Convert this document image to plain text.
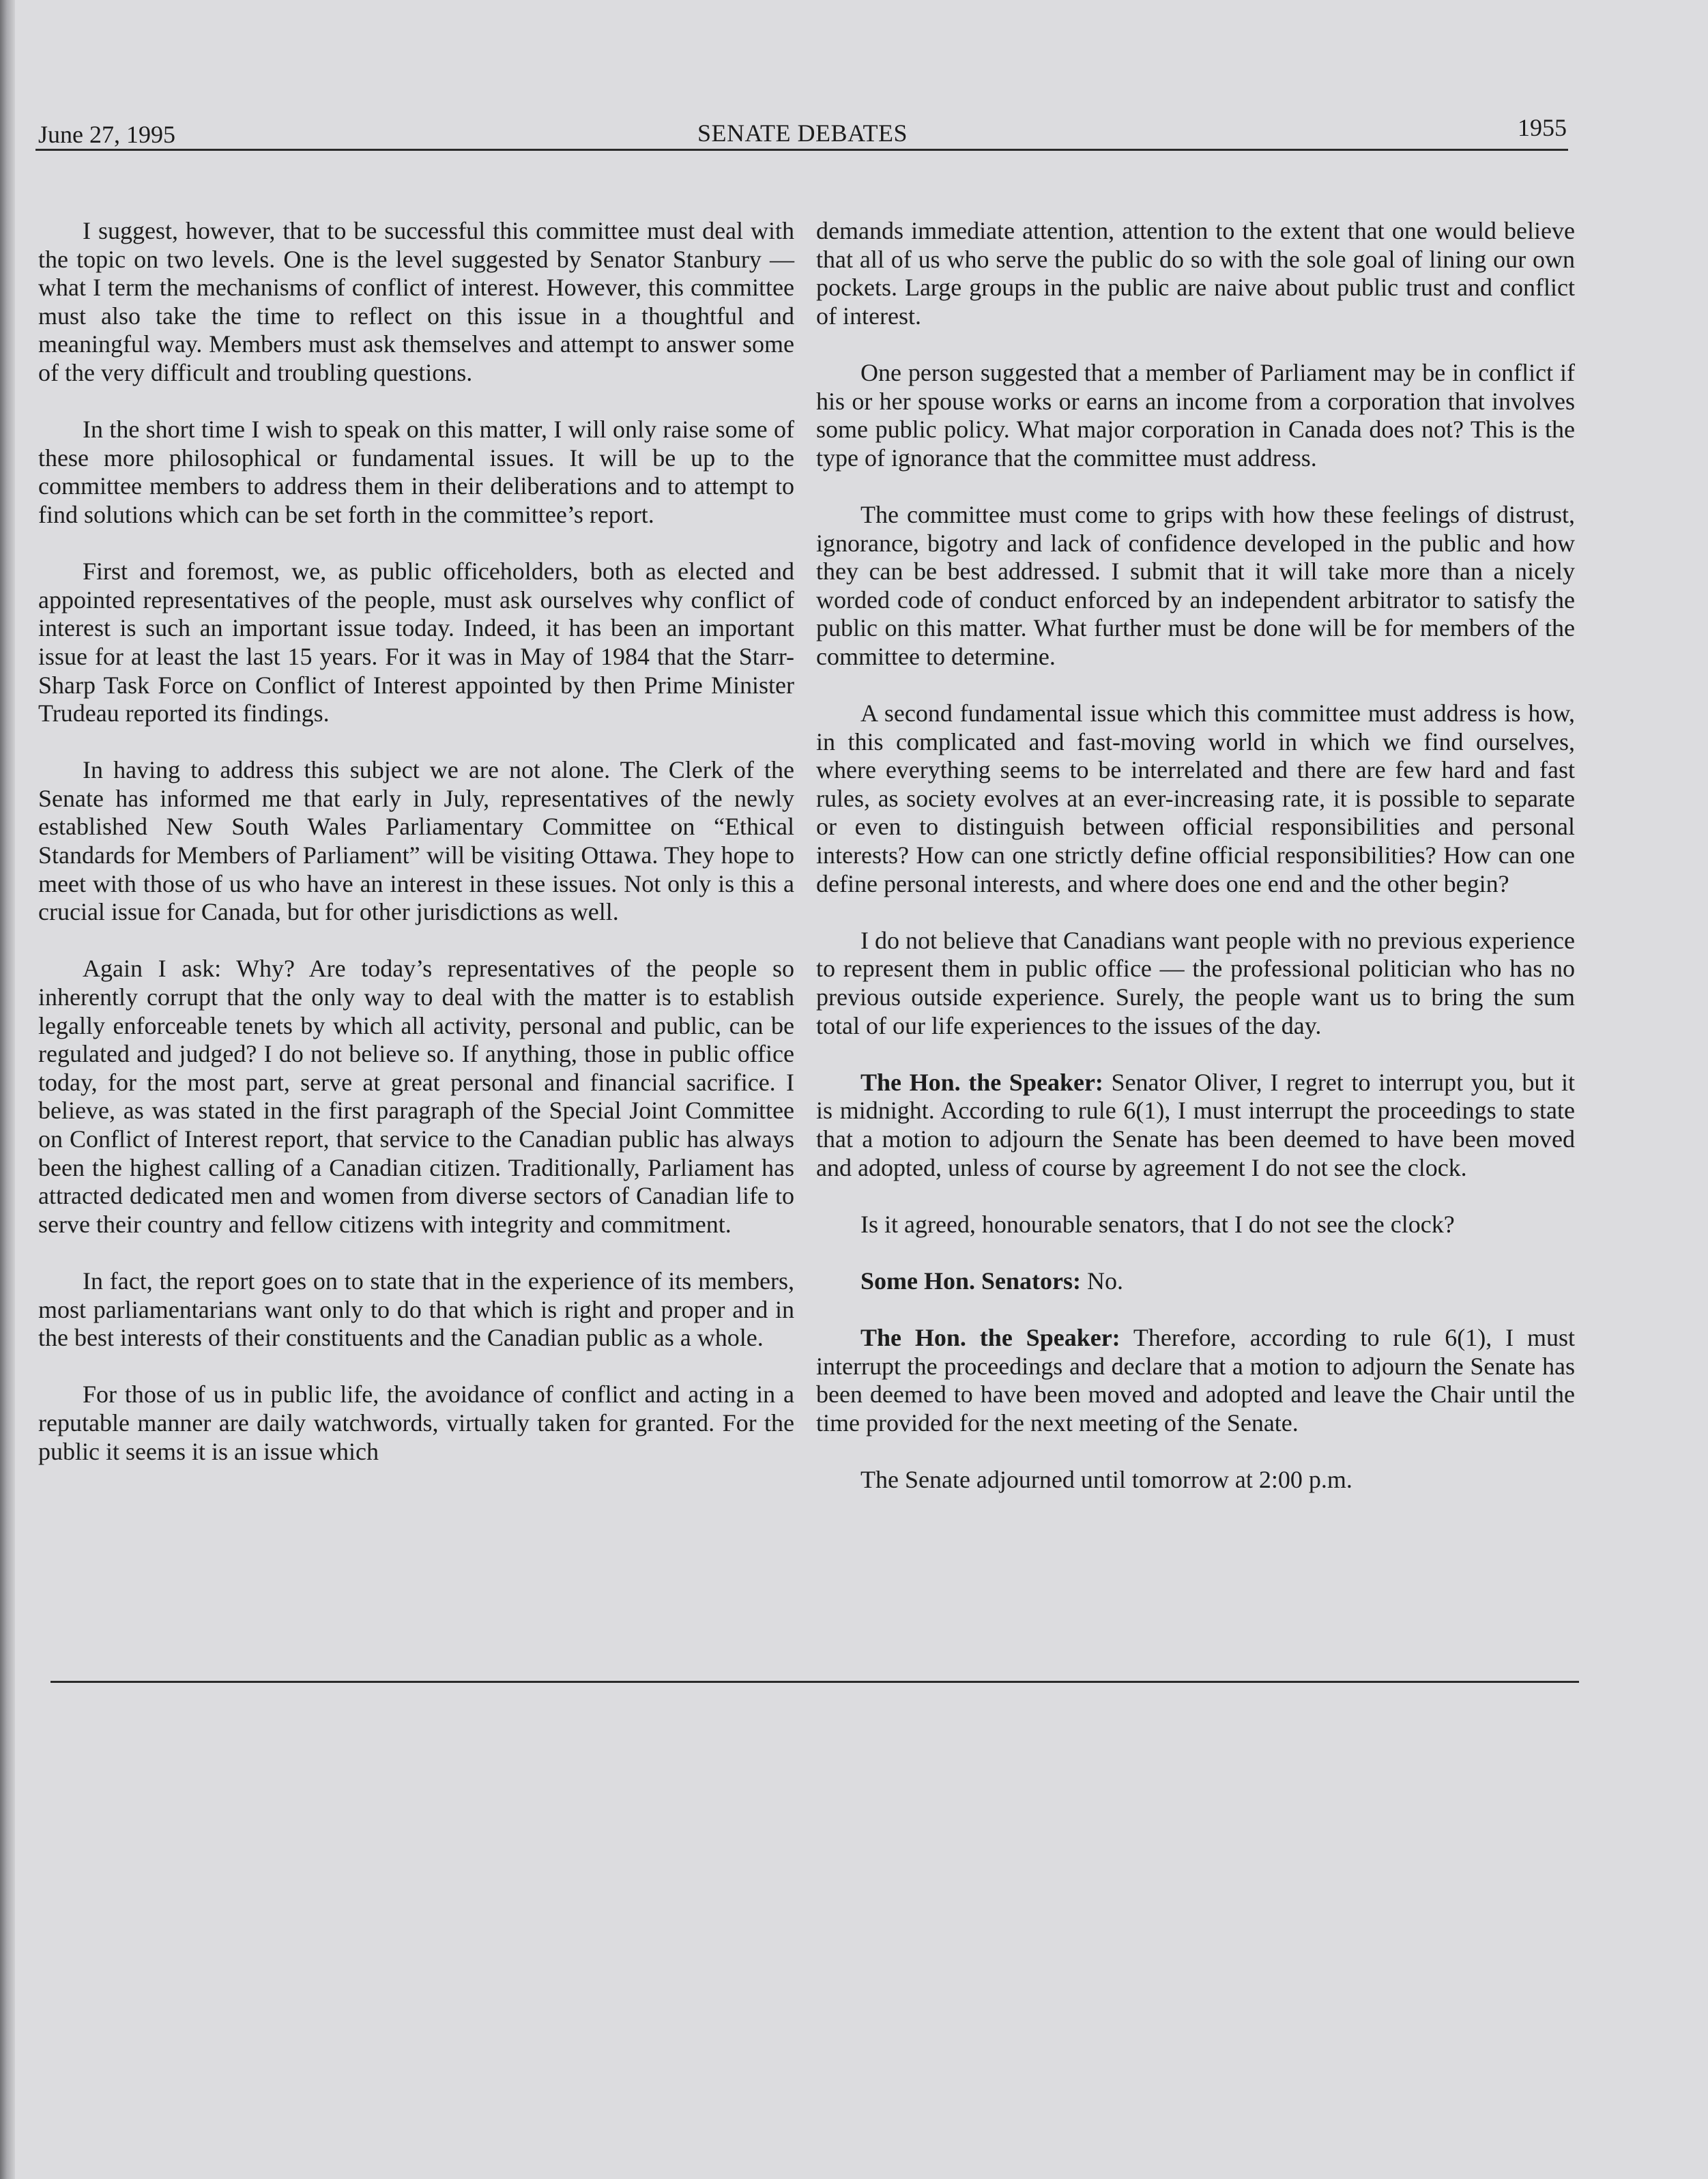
June 27, 1995	SENATE DEBATES	1955

I suggest, however, that to be successful this committee must deal with the topic on two levels. One is the level suggested by Senator Stanbury — what I term the mechanisms of conflict of interest. However, this committee must also take the time to reflect on this issue in a thoughtful and meaningful way. Members must ask themselves and attempt to answer some of the very difficult and troubling questions.

In the short time I wish to speak on this matter, I will only raise some of these more philosophical or fundamental issues. It will be up to the committee members to address them in their deliberations and to attempt to find solutions which can be set forth in the committee’s report.

First and foremost, we, as public officeholders, both as elected and appointed representatives of the people, must ask ourselves why conflict of interest is such an important issue today. Indeed, it has been an important issue for at least the last 15 years. For it was in May of 1984 that the Starr-Sharp Task Force on Conflict of Interest appointed by then Prime Minister Trudeau reported its findings.

In having to address this subject we are not alone. The Clerk of the Senate has informed me that early in July, representatives of the newly established New South Wales Parliamentary Committee on “Ethical Standards for Members of Parliament” will be visiting Ottawa. They hope to meet with those of us who have an interest in these issues. Not only is this a crucial issue for Canada, but for other jurisdictions as well.

Again I ask: Why? Are today’s representatives of the people so inherently corrupt that the only way to deal with the matter is to establish legally enforceable tenets by which all activity, personal and public, can be regulated and judged? I do not believe so. If anything, those in public office today, for the most part, serve at great personal and financial sacrifice. I believe, as was stated in the first paragraph of the Special Joint Committee on Conflict of Interest report, that service to the Canadian public has always been the highest calling of a Canadian citizen. Traditionally, Parliament has attracted dedicated men and women from diverse sectors of Canadian life to serve their country and fellow citizens with integrity and commitment.

In fact, the report goes on to state that in the experience of its members, most parliamentarians want only to do that which is right and proper and in the best interests of their constituents and the Canadian public as a whole.

For those of us in public life, the avoidance of conflict and acting in a reputable manner are daily watchwords, virtually taken for granted. For the public it seems it is an issue which

demands immediate attention, attention to the extent that one would believe that all of us who serve the public do so with the sole goal of lining our own pockets. Large groups in the public are naive about public trust and conflict of interest.

One person suggested that a member of Parliament may be in conflict if his or her spouse works or earns an income from a corporation that involves some public policy. What major corporation in Canada does not? This is the type of ignorance that the committee must address.

The committee must come to grips with how these feelings of distrust, ignorance, bigotry and lack of confidence developed in the public and how they can be best addressed. I submit that it will take more than a nicely worded code of conduct enforced by an independent arbitrator to satisfy the public on this matter. What further must be done will be for members of the committee to determine.

A second fundamental issue which this committee must address is how, in this complicated and fast-moving world in which we find ourselves, where everything seems to be interrelated and there are few hard and fast rules, as society evolves at an ever-increasing rate, it is possible to separate or even to distinguish between official responsibilities and personal interests? How can one strictly define official responsibilities? How can one define personal interests, and where does one end and the other begin?

I do not believe that Canadians want people with no previous experience to represent them in public office — the professional politician who has no previous outside experience. Surely, the people want us to bring the sum total of our life experiences to the issues of the day.

The Hon. the Speaker: Senator Oliver, I regret to interrupt you, but it is midnight. According to rule 6(1), I must interrupt the proceedings to state that a motion to adjourn the Senate has been deemed to have been moved and adopted, unless of course by agreement I do not see the clock.

Is it agreed, honourable senators, that I do not see the clock?

Some Hon. Senators: No.

The Hon. the Speaker: Therefore, according to rule 6(1), I must interrupt the proceedings and declare that a motion to adjourn the Senate has been deemed to have been moved and adopted and leave the Chair until the time provided for the next meeting of the Senate.

The Senate adjourned until tomorrow at 2:00 p.m.
